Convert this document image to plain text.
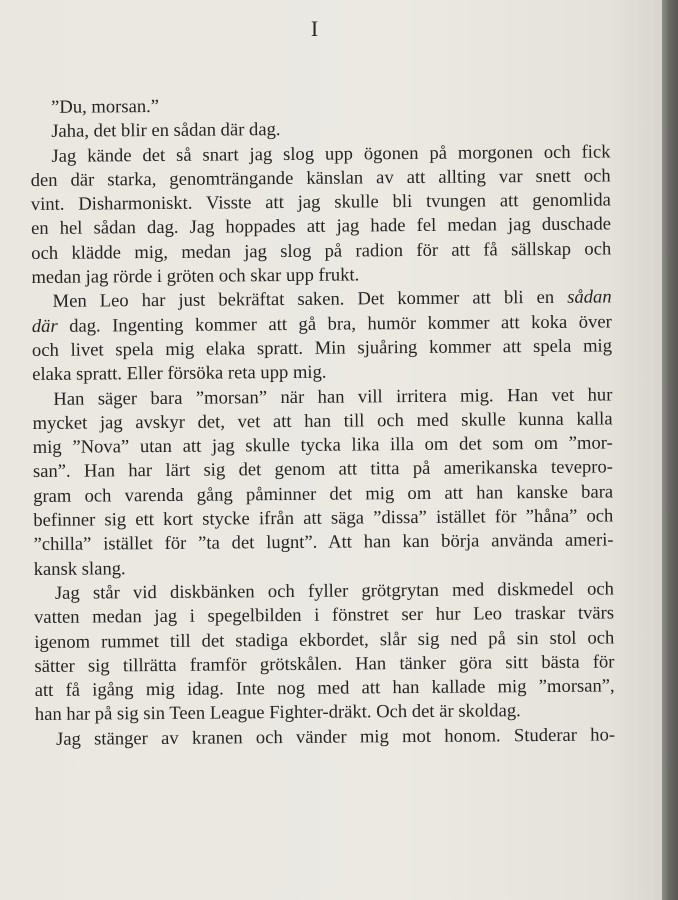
I
”Du, morsan.”
Jaha, det blir en sådan där dag.
Jag kände det så snart jag slog upp ögonen på morgonen och fick
den där starka, genomträngande känslan av att allting var snett och
vint. Disharmoniskt. Visste att jag skulle bli tvungen att genomlida
en hel sådan dag. Jag hoppades att jag hade fel medan jag duschade
och klädde mig, medan jag slog på radion för att få sällskap och
medan jag rörde i gröten och skar upp frukt.
Men Leo har just bekräftat saken. Det kommer att bli en sådan
där dag. Ingenting kommer att gå bra, humör kommer att koka över
och livet spela mig elaka spratt. Min sjuåring kommer att spela mig
elaka spratt. Eller försöka reta upp mig.
Han säger bara ”morsan” när han vill irritera mig. Han vet hur
mycket jag avskyr det, vet att han till och med skulle kunna kalla
mig ”Nova” utan att jag skulle tycka lika illa om det som om ”mor-
san”. Han har lärt sig det genom att titta på amerikanska tevepro-
gram och varenda gång påminner det mig om att han kanske bara
befinner sig ett kort stycke ifrån att säga ”dissa” istället för ”håna” och
”chilla” istället för ”ta det lugnt”. Att han kan börja använda ameri-
kansk slang.
Jag står vid diskbänken och fyller grötgrytan med diskmedel och
vatten medan jag i spegelbilden i fönstret ser hur Leo traskar tvärs
igenom rummet till det stadiga ekbordet, slår sig ned på sin stol och
sätter sig tillrätta framför grötskålen. Han tänker göra sitt bästa för
att få igång mig idag. Inte nog med att han kallade mig ”morsan”,
han har på sig sin Teen League Fighter-dräkt. Och det är skoldag.
Jag stänger av kranen och vänder mig mot honom. Studerar ho-
